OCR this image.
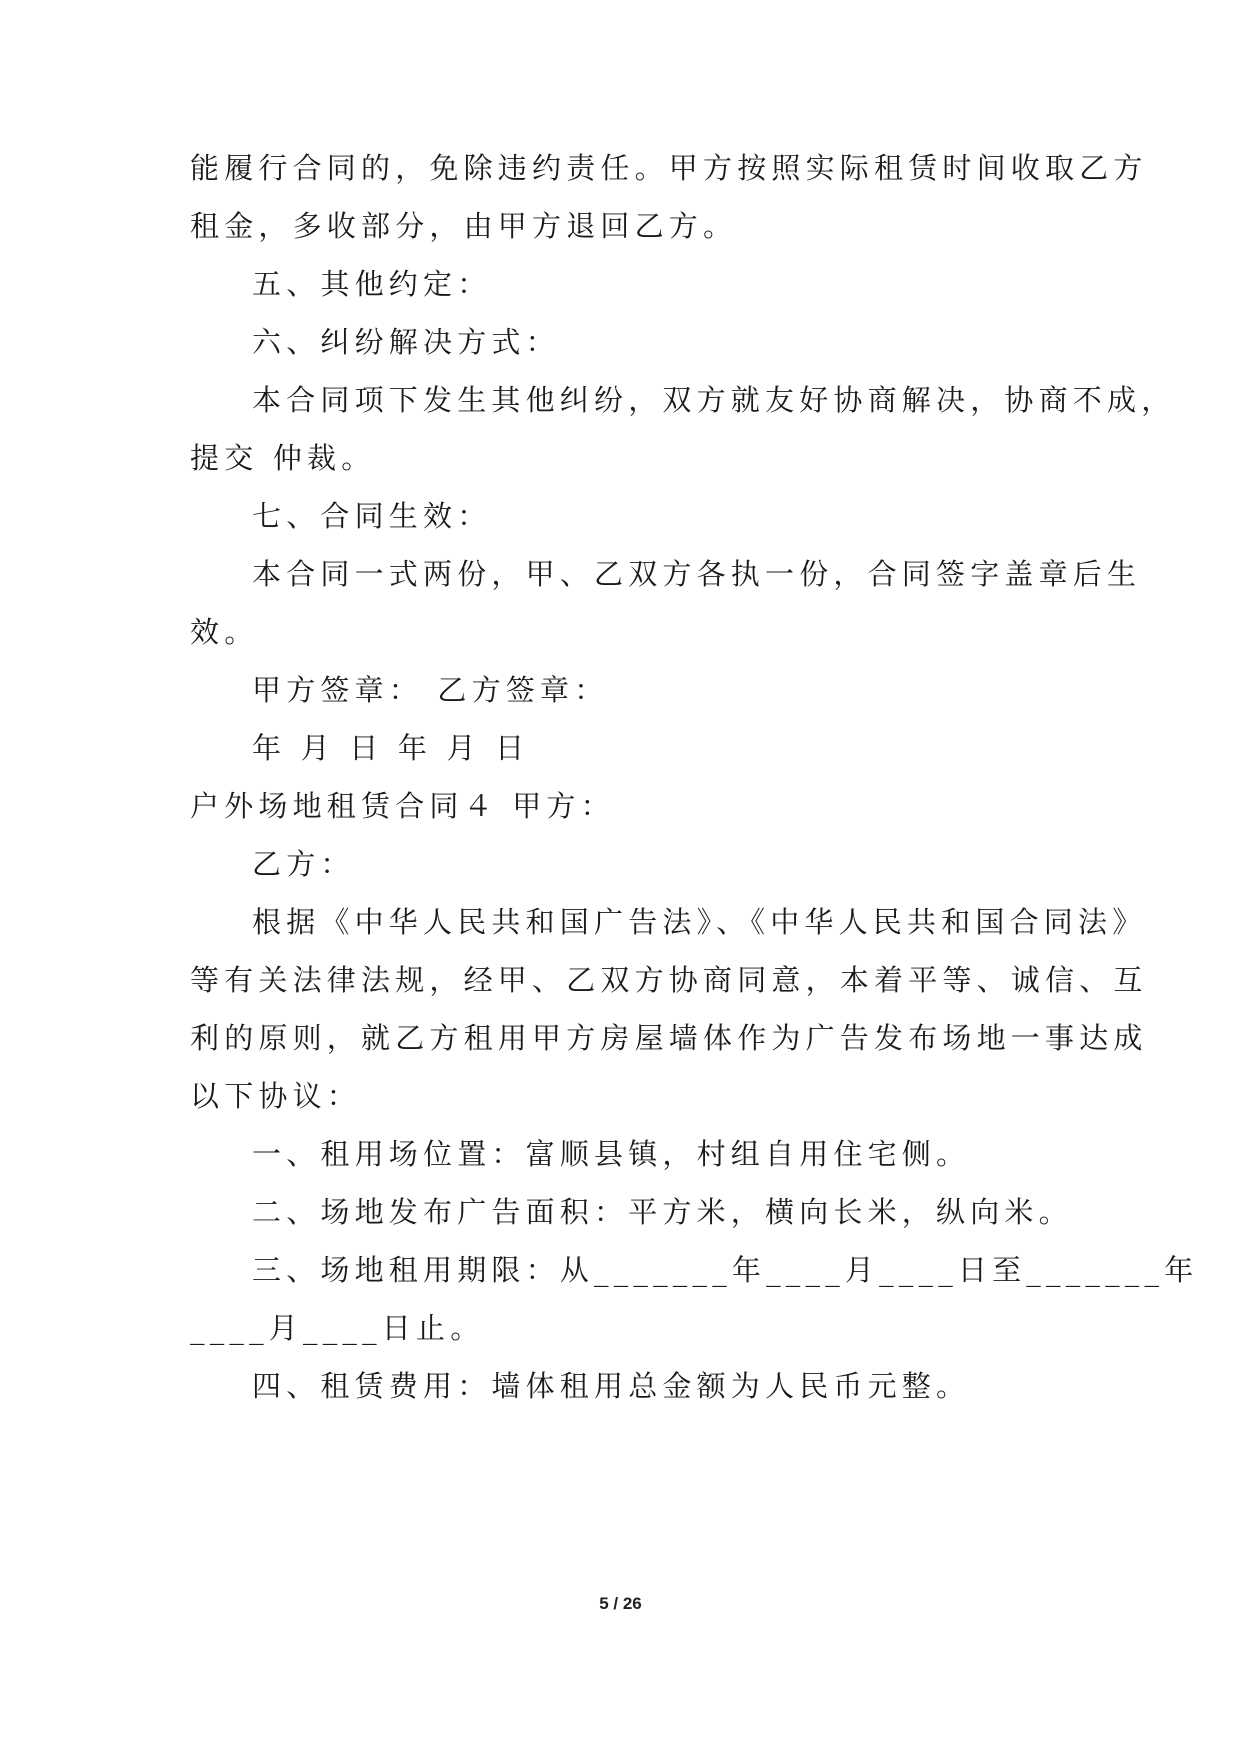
能履行合同的，免除违约责任。甲方按照实际租赁时间收取乙方
租金，多收部分，由甲方退回乙方。
五、其他约定：
六、纠纷解决方式：
本合同项下发生其他纠纷，双方就友好协商解决，协商不成，
提交 仲裁。
七、合同生效：
本合同一式两份，甲、乙双方各执一份，合同签字盖章后生
效。
甲方签章： 乙方签章：
年 月 日 年 月 日
户外场地租赁合同４ 甲方：
乙方：
根据《中华人民共和国广告法》、《中华人民共和国合同法》
等有关法律法规，经甲、乙双方协商同意，本着平等、诚信、互
利的原则，就乙方租用甲方房屋墙体作为广告发布场地一事达成
以下协议：
一、租用场位置：富顺县镇，村组自用住宅侧。
二、场地发布广告面积：平方米，横向长米，纵向米。
三、场地租用期限：从_______年____月____日至_______年
____月____日止。
四、租赁费用：墙体租用总金额为人民币元整。
5 / 26
